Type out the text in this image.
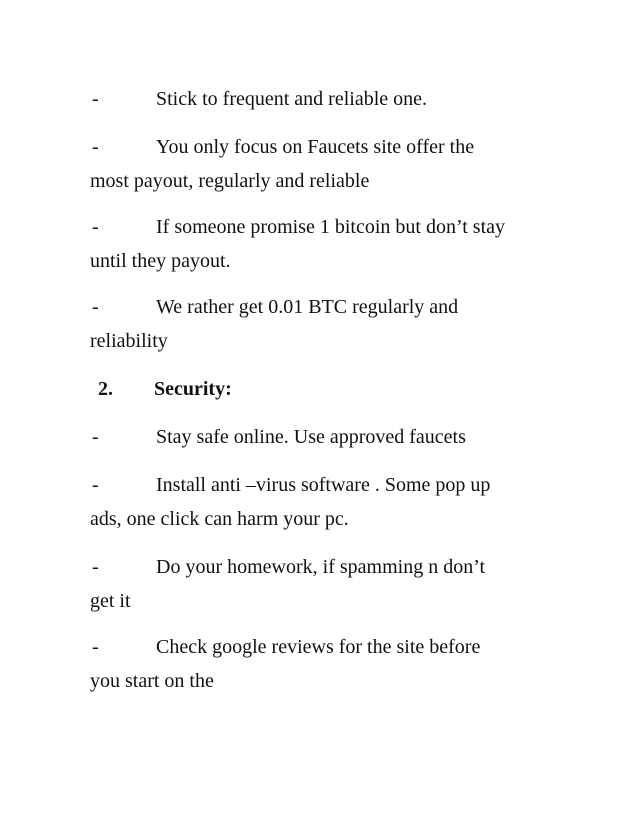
-	Stick to frequent and reliable one.

-	You only focus on Faucets site offer the
most payout, regularly and reliable

-	If someone promise 1 bitcoin but don’t stay
until they payout.

-	We rather get 0.01 BTC regularly and
reliability

2. Security:

-	Stay safe online. Use approved faucets

-	Install anti –virus software . Some pop up
ads, one click can harm your pc.

-	Do your homework, if spamming n don’t
get it

-	Check google reviews for the site before
you start on the
